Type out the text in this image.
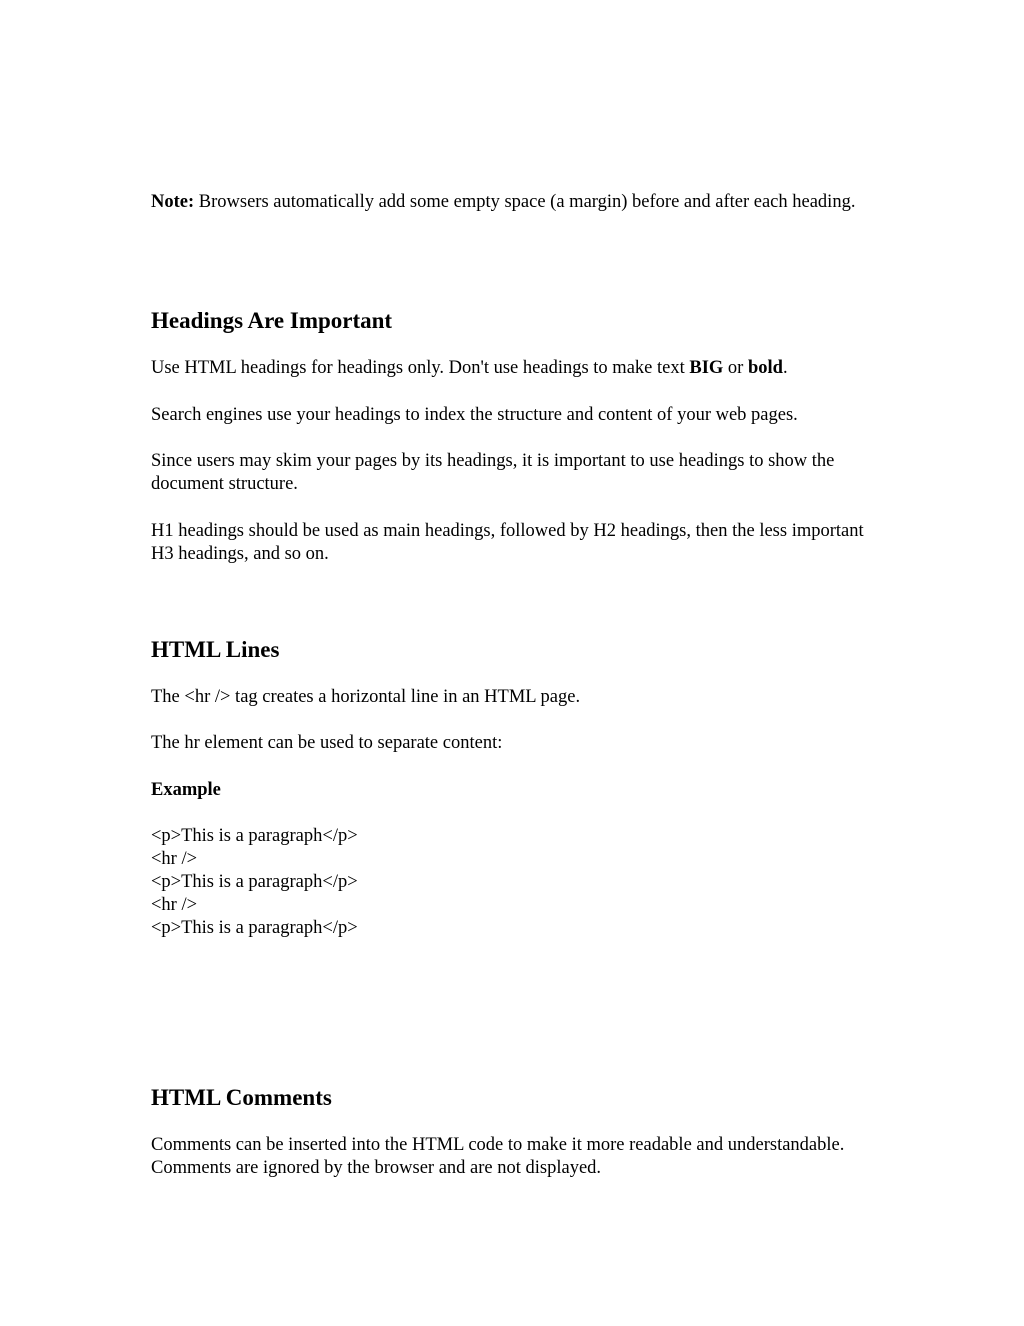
Note: Browsers automatically add some empty space (a margin) before and after each heading.

Headings Are Important

Use HTML headings for headings only. Don't use headings to make text BIG or bold.

Search engines use your headings to index the structure and content of your web pages.

Since users may skim your pages by its headings, it is important to use headings to show the document structure.

H1 headings should be used as main headings, followed by H2 headings, then the less important H3 headings, and so on.

HTML Lines

The <hr /> tag creates a horizontal line in an HTML page.

The hr element can be used to separate content:

Example

<p>This is a paragraph</p>
<hr />
<p>This is a paragraph</p>
<hr />
<p>This is a paragraph</p>
HTML Comments

Comments can be inserted into the HTML code to make it more readable and understandable. Comments are ignored by the browser and are not displayed.
